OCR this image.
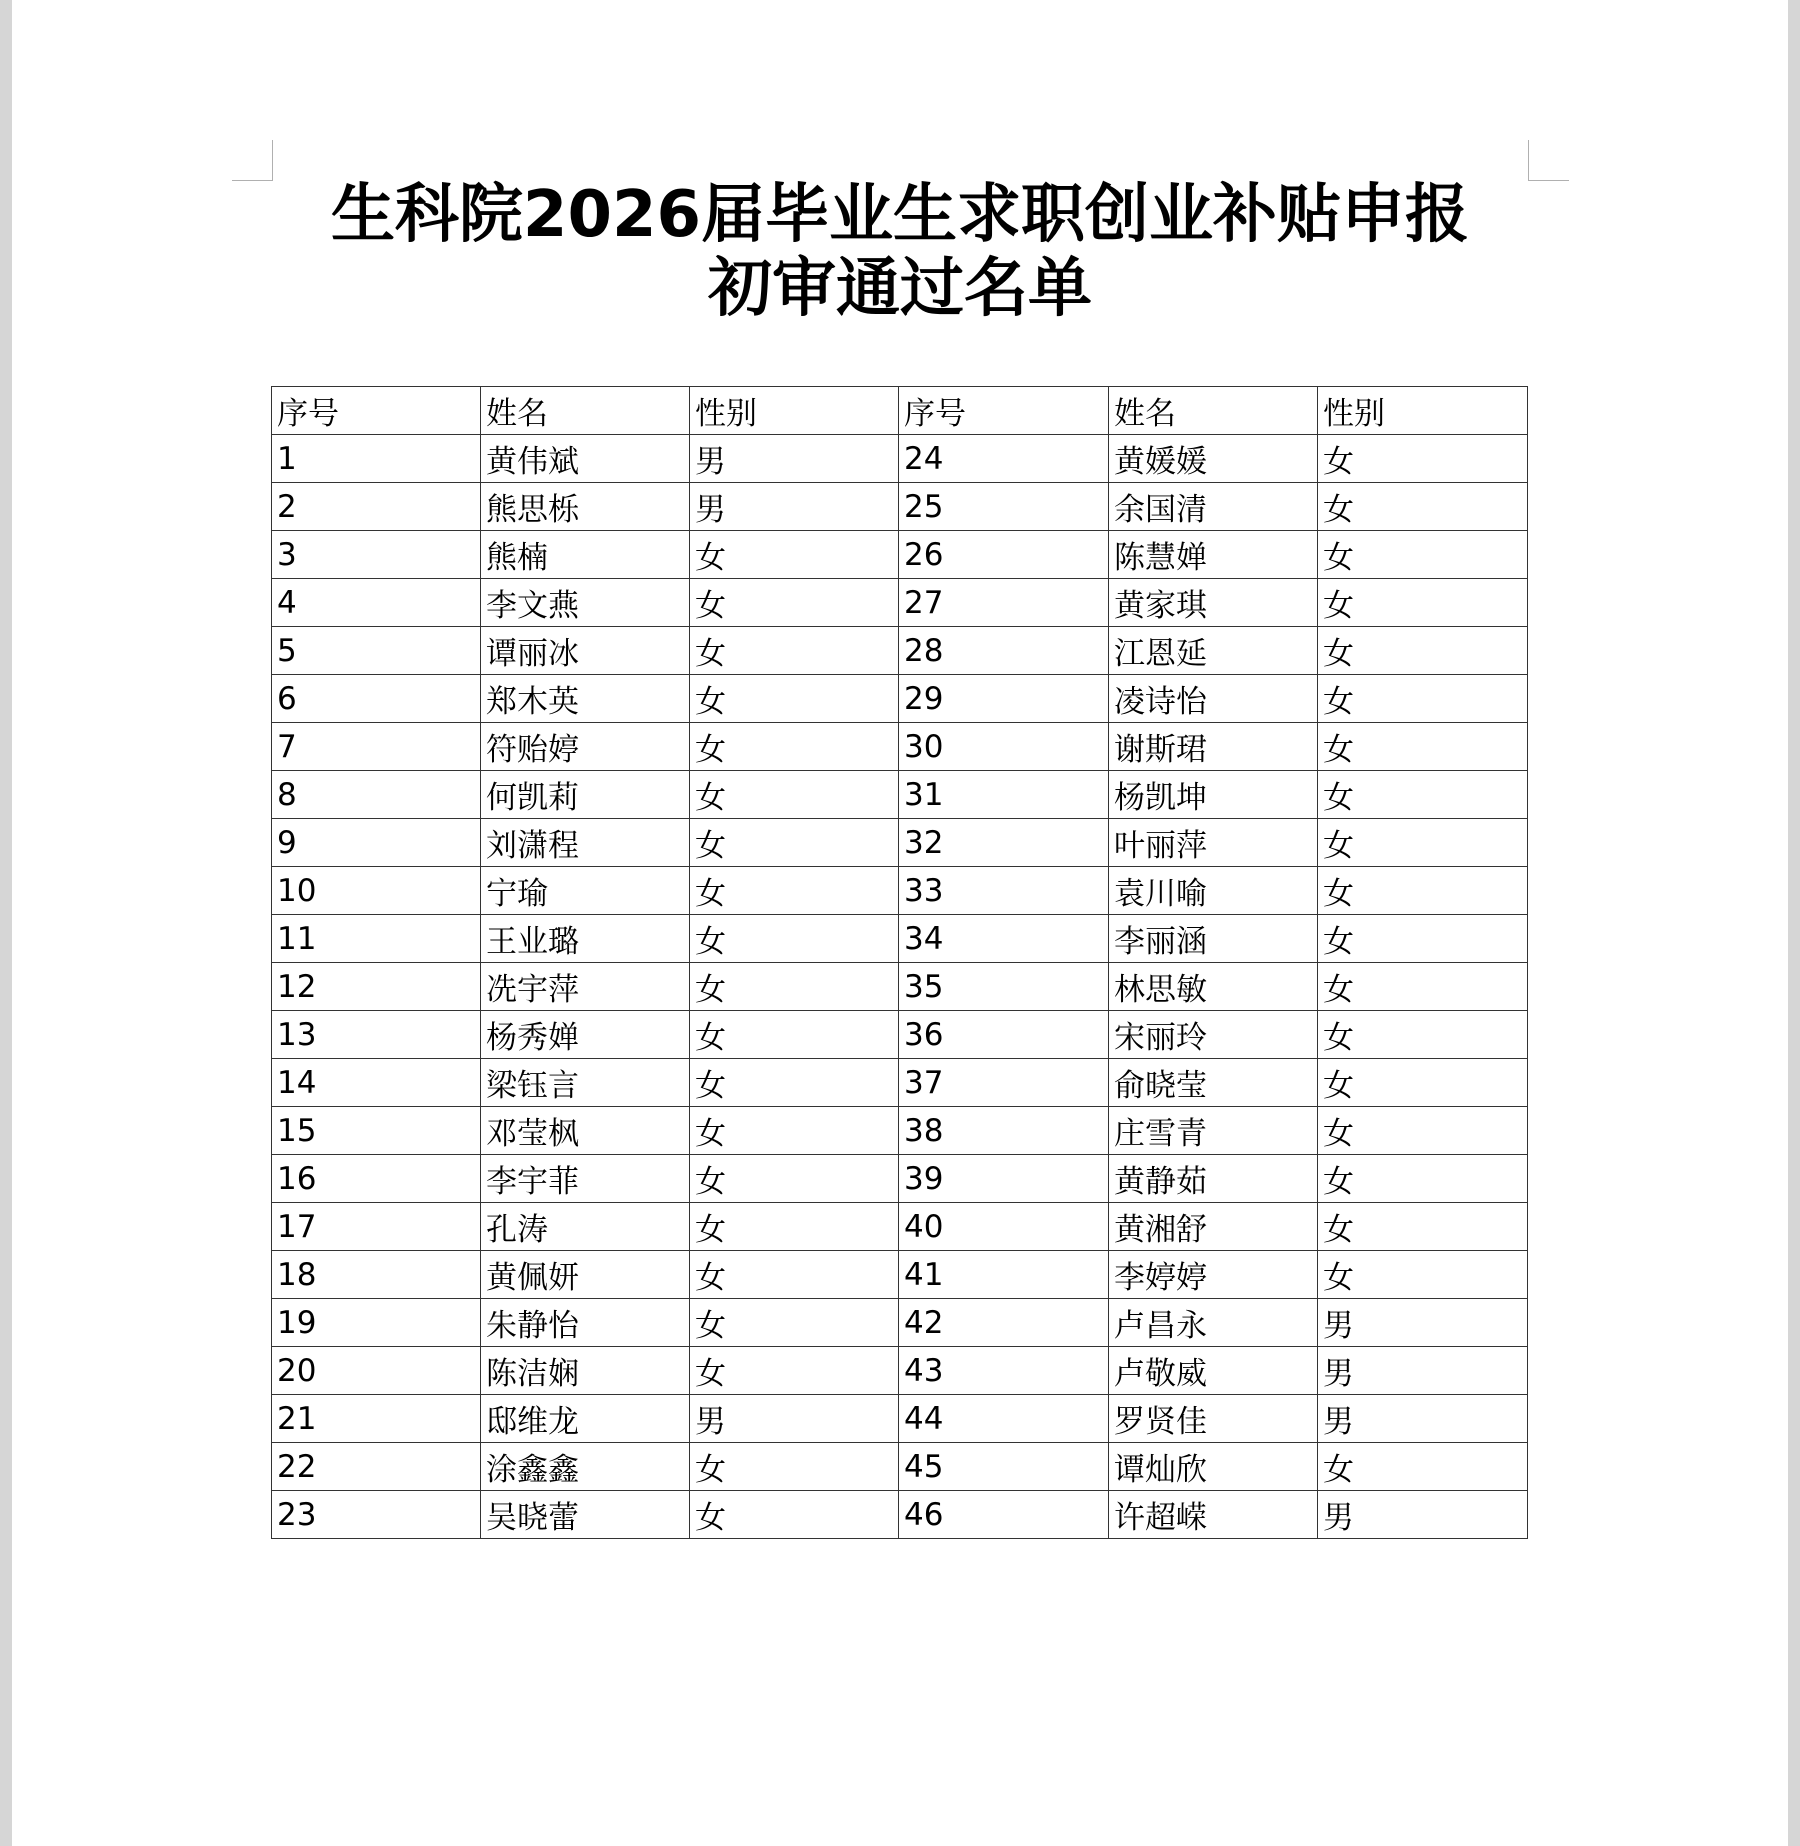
生科院2026届毕业生求职创业补贴申报
初审通过名单
序号	姓名	性别	序号	姓名	性别
1	黄伟斌	男	24	黄媛媛	女
2	熊思栎	男	25	余国清	女
3	熊楠	女	26	陈慧婵	女
4	李文燕	女	27	黄家琪	女
5	谭丽冰	女	28	江恩延	女
6	郑木英	女	29	凌诗怡	女
7	符贻婷	女	30	谢斯珺	女
8	何凯莉	女	31	杨凯坤	女
9	刘潇程	女	32	叶丽萍	女
10	宁瑜	女	33	袁川喻	女
11	王业璐	女	34	李丽涵	女
12	冼宇萍	女	35	林思敏	女
13	杨秀婵	女	36	宋丽玲	女
14	梁钰言	女	37	俞晓莹	女
15	邓莹枫	女	38	庄雪青	女
16	李宇菲	女	39	黄静茹	女
17	孔涛	女	40	黄湘舒	女
18	黄佩妍	女	41	李婷婷	女
19	朱静怡	女	42	卢昌永	男
20	陈洁娴	女	43	卢敬威	男
21	邸维龙	男	44	罗贤佳	男
22	涂鑫鑫	女	45	谭灿欣	女
23	吴晓蕾	女	46	许超嵘	男
